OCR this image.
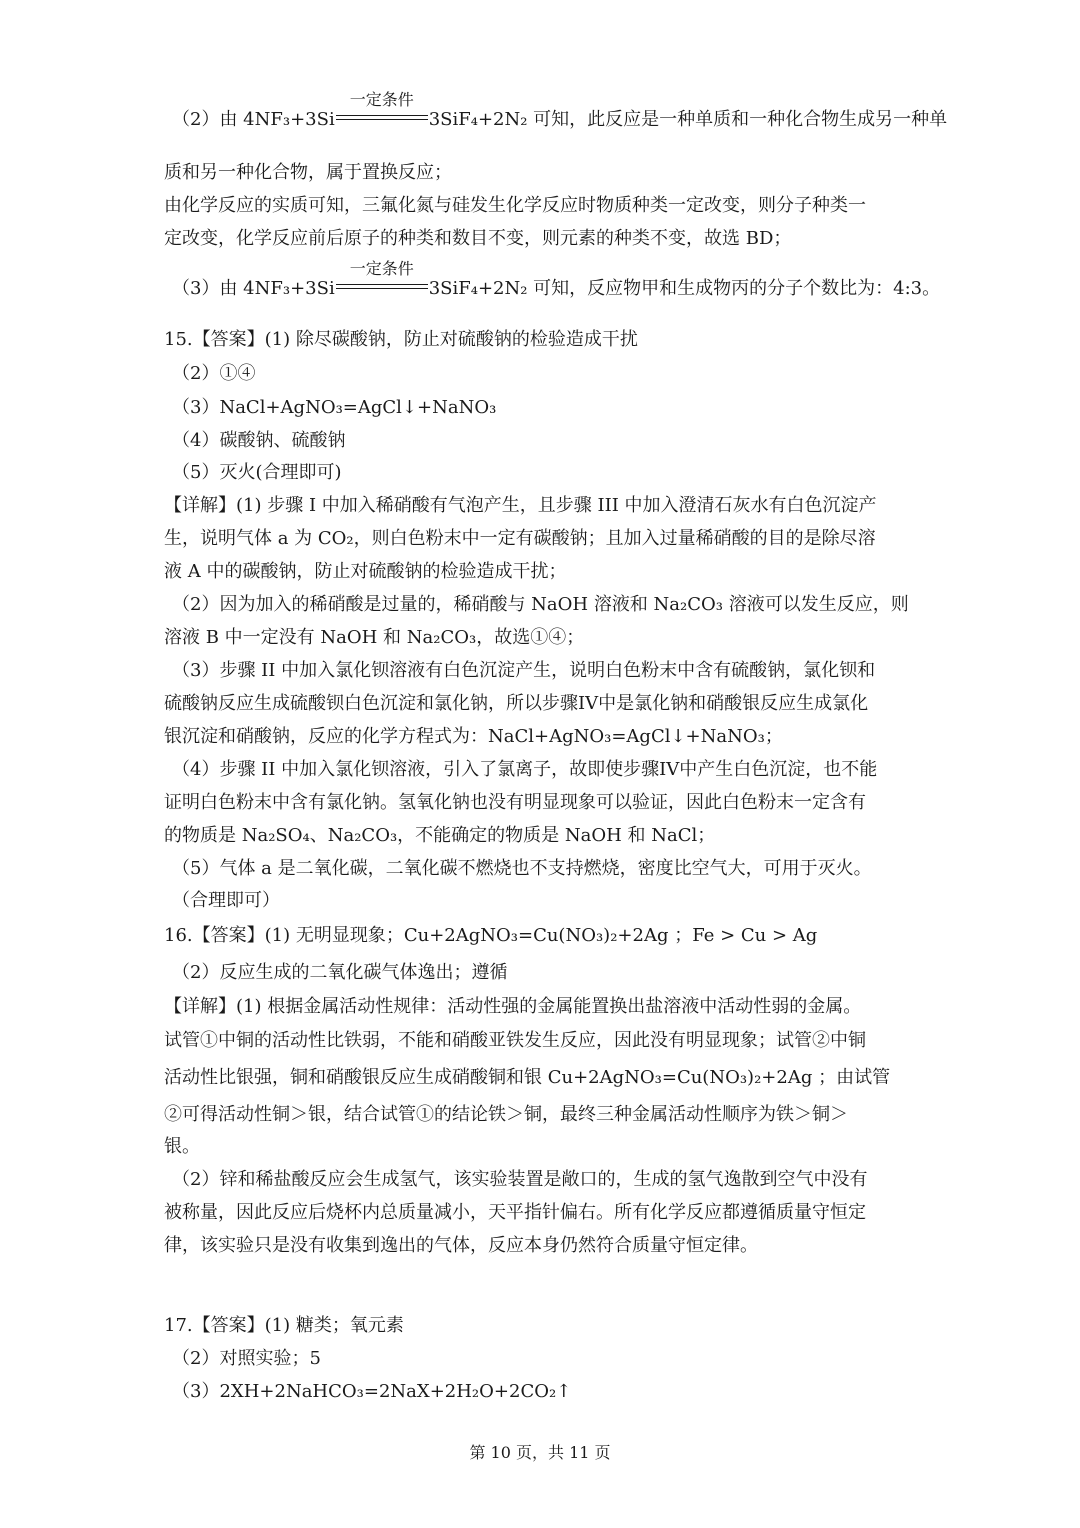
（2）由 4NF₃+3Si
一定条件
3SiF₄+2N₂ 可知，此反应是一种单质和一种化合物生成另一种单
质和另一种化合物，属于置换反应；
由化学反应的实质可知，三氟化氮与硅发生化学反应时物质种类一定改变，则分子种类一
定改变，化学反应前后原子的种类和数目不变，则元素的种类不变，故选 BD；
（3）由 4NF₃+3Si
一定条件
3SiF₄+2N₂ 可知，反应物甲和生成物丙的分子个数比为：4:3。
15.【答案】(1) 除尽碳酸钠，防止对硫酸钠的检验造成干扰
（2）①④
（3）NaCl+AgNO₃=AgCl↓+NaNO₃
（4）碳酸钠、硫酸钠
（5）灭火(合理即可)
【详解】(1) 步骤 I 中加入稀硝酸有气泡产生，且步骤 III 中加入澄清石灰水有白色沉淀产
生，说明气体 a 为 CO₂，则白色粉末中一定有碳酸钠；且加入过量稀硝酸的目的是除尽溶
液 A 中的碳酸钠，防止对硫酸钠的检验造成干扰；
（2）因为加入的稀硝酸是过量的，稀硝酸与 NaOH 溶液和 Na₂CO₃ 溶液可以发生反应，则
溶液 B 中一定没有 NaOH 和 Na₂CO₃，故选①④；
（3）步骤 II 中加入氯化钡溶液有白色沉淀产生，说明白色粉末中含有硫酸钠，氯化钡和
硫酸钠反应生成硫酸钡白色沉淀和氯化钠，所以步骤IV中是氯化钠和硝酸银反应生成氯化
银沉淀和硝酸钠，反应的化学方程式为：NaCl+AgNO₃=AgCl↓+NaNO₃；
（4）步骤 II 中加入氯化钡溶液，引入了氯离子，故即使步骤IV中产生白色沉淀，也不能
证明白色粉末中含有氯化钠。氢氧化钠也没有明显现象可以验证，因此白色粉末一定含有
的物质是 Na₂SO₄、Na₂CO₃，不能确定的物质是 NaOH 和 NaCl；
（5）气体 a 是二氧化碳，二氧化碳不燃烧也不支持燃烧，密度比空气大，可用于灭火。
（合理即可）
16.【答案】(1) 无明显现象；Cu+2AgNO₃=Cu(NO₃)₂+2Ag ；Fe > Cu > Ag
（2）反应生成的二氧化碳气体逸出；遵循
【详解】(1) 根据金属活动性规律：活动性强的金属能置换出盐溶液中活动性弱的金属。
试管①中铜的活动性比铁弱，不能和硝酸亚铁发生反应，因此没有明显现象；试管②中铜
活动性比银强，铜和硝酸银反应生成硝酸铜和银 Cu+2AgNO₃=Cu(NO₃)₂+2Ag ；由试管
②可得活动性铜＞银，结合试管①的结论铁＞铜，最终三种金属活动性顺序为铁＞铜＞
银。
（2）锌和稀盐酸反应会生成氢气，该实验装置是敞口的，生成的氢气逸散到空气中没有
被称量，因此反应后烧杯内总质量减小，天平指针偏右。所有化学反应都遵循质量守恒定
律，该实验只是没有收集到逸出的气体，反应本身仍然符合质量守恒定律。
17.【答案】(1) 糖类；氧元素
（2）对照实验；5
（3）2XH+2NaHCO₃=2NaX+2H₂O+2CO₂↑
第 10 页，共 11 页
